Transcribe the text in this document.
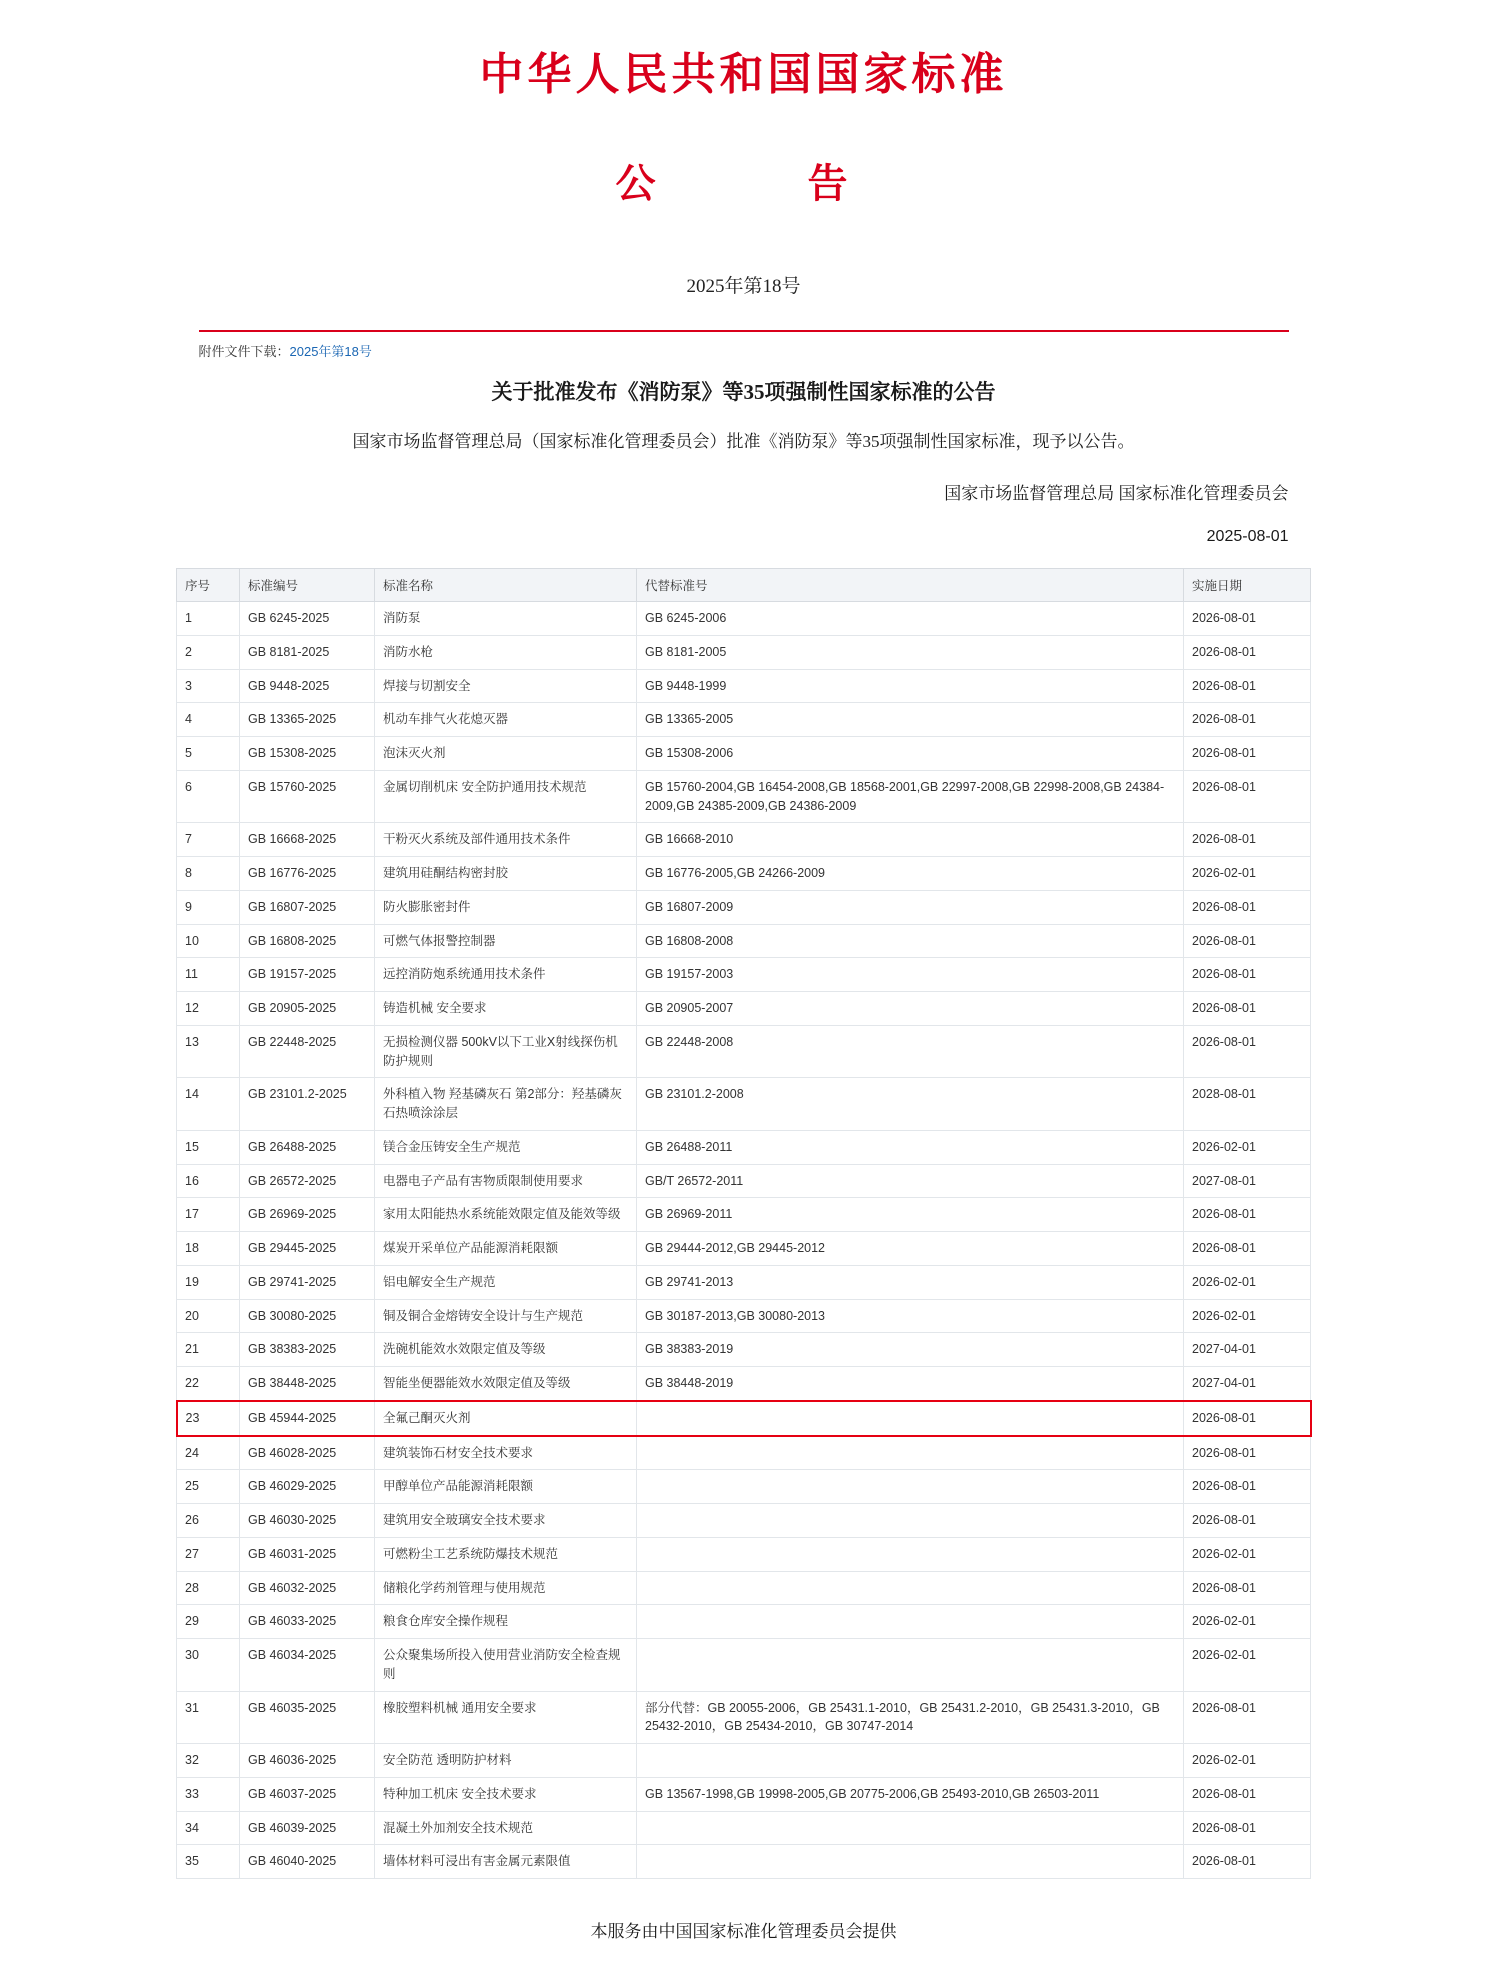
中华人民共和国国家标准
公　　告
2025年第18号
附件文件下载：2025年第18号
关于批准发布《消防泵》等35项强制性国家标准的公告
国家市场监督管理总局（国家标准化管理委员会）批准《消防泵》等35项强制性国家标准，现予以公告。
国家市场监督管理总局 国家标准化管理委员会
2025-08-01
序号	标准编号	标准名称	代替标准号	实施日期
1	GB 6245-2025	消防泵	GB 6245-2006	2026-08-01
2	GB 8181-2025	消防水枪	GB 8181-2005	2026-08-01
3	GB 9448-2025	焊接与切割安全	GB 9448-1999	2026-08-01
4	GB 13365-2025	机动车排气火花熄灭器	GB 13365-2005	2026-08-01
5	GB 15308-2025	泡沫灭火剂	GB 15308-2006	2026-08-01
6	GB 15760-2025	金属切削机床 安全防护通用技术规范	GB 15760-2004,GB 16454-2008,GB 18568-2001,GB 22997-2008,GB 22998-2008,GB 24384-2009,GB 24385-2009,GB 24386-2009	2026-08-01
7	GB 16668-2025	干粉灭火系统及部件通用技术条件	GB 16668-2010	2026-08-01
8	GB 16776-2025	建筑用硅酮结构密封胶	GB 16776-2005,GB 24266-2009	2026-02-01
9	GB 16807-2025	防火膨胀密封件	GB 16807-2009	2026-08-01
10	GB 16808-2025	可燃气体报警控制器	GB 16808-2008	2026-08-01
11	GB 19157-2025	远控消防炮系统通用技术条件	GB 19157-2003	2026-08-01
12	GB 20905-2025	铸造机械 安全要求	GB 20905-2007	2026-08-01
13	GB 22448-2025	无损检测仪器 500kV以下工业X射线探伤机防护规则	GB 22448-2008	2026-08-01
14	GB 23101.2-2025	外科植入物 羟基磷灰石 第2部分：羟基磷灰石热喷涂涂层	GB 23101.2-2008	2028-08-01
15	GB 26488-2025	镁合金压铸安全生产规范	GB 26488-2011	2026-02-01
16	GB 26572-2025	电器电子产品有害物质限制使用要求	GB/T 26572-2011	2027-08-01
17	GB 26969-2025	家用太阳能热水系统能效限定值及能效等级	GB 26969-2011	2026-08-01
18	GB 29445-2025	煤炭开采单位产品能源消耗限额	GB 29444-2012,GB 29445-2012	2026-08-01
19	GB 29741-2025	铝电解安全生产规范	GB 29741-2013	2026-02-01
20	GB 30080-2025	铜及铜合金熔铸安全设计与生产规范	GB 30187-2013,GB 30080-2013	2026-02-01
21	GB 38383-2025	洗碗机能效水效限定值及等级	GB 38383-2019	2027-04-01
22	GB 38448-2025	智能坐便器能效水效限定值及等级	GB 38448-2019	2027-04-01
23	GB 45944-2025	全氟己酮灭火剂		2026-08-01
24	GB 46028-2025	建筑装饰石材安全技术要求		2026-08-01
25	GB 46029-2025	甲醇单位产品能源消耗限额		2026-08-01
26	GB 46030-2025	建筑用安全玻璃安全技术要求		2026-08-01
27	GB 46031-2025	可燃粉尘工艺系统防爆技术规范		2026-02-01
28	GB 46032-2025	储粮化学药剂管理与使用规范		2026-08-01
29	GB 46033-2025	粮食仓库安全操作规程		2026-02-01
30	GB 46034-2025	公众聚集场所投入使用营业消防安全检查规则		2026-02-01
31	GB 46035-2025	橡胶塑料机械 通用安全要求	部分代替：GB 20055-2006，GB 25431.1-2010，GB 25431.2-2010，GB 25431.3-2010，GB 25432-2010，GB 25434-2010，GB 30747-2014	2026-08-01
32	GB 46036-2025	安全防范 透明防护材料		2026-02-01
33	GB 46037-2025	特种加工机床 安全技术要求	GB 13567-1998,GB 19998-2005,GB 20775-2006,GB 25493-2010,GB 26503-2011	2026-08-01
34	GB 46039-2025	混凝土外加剂安全技术规范		2026-08-01
35	GB 46040-2025	墙体材料可浸出有害金属元素限值		2026-08-01
本服务由中国国家标准化管理委员会提供
